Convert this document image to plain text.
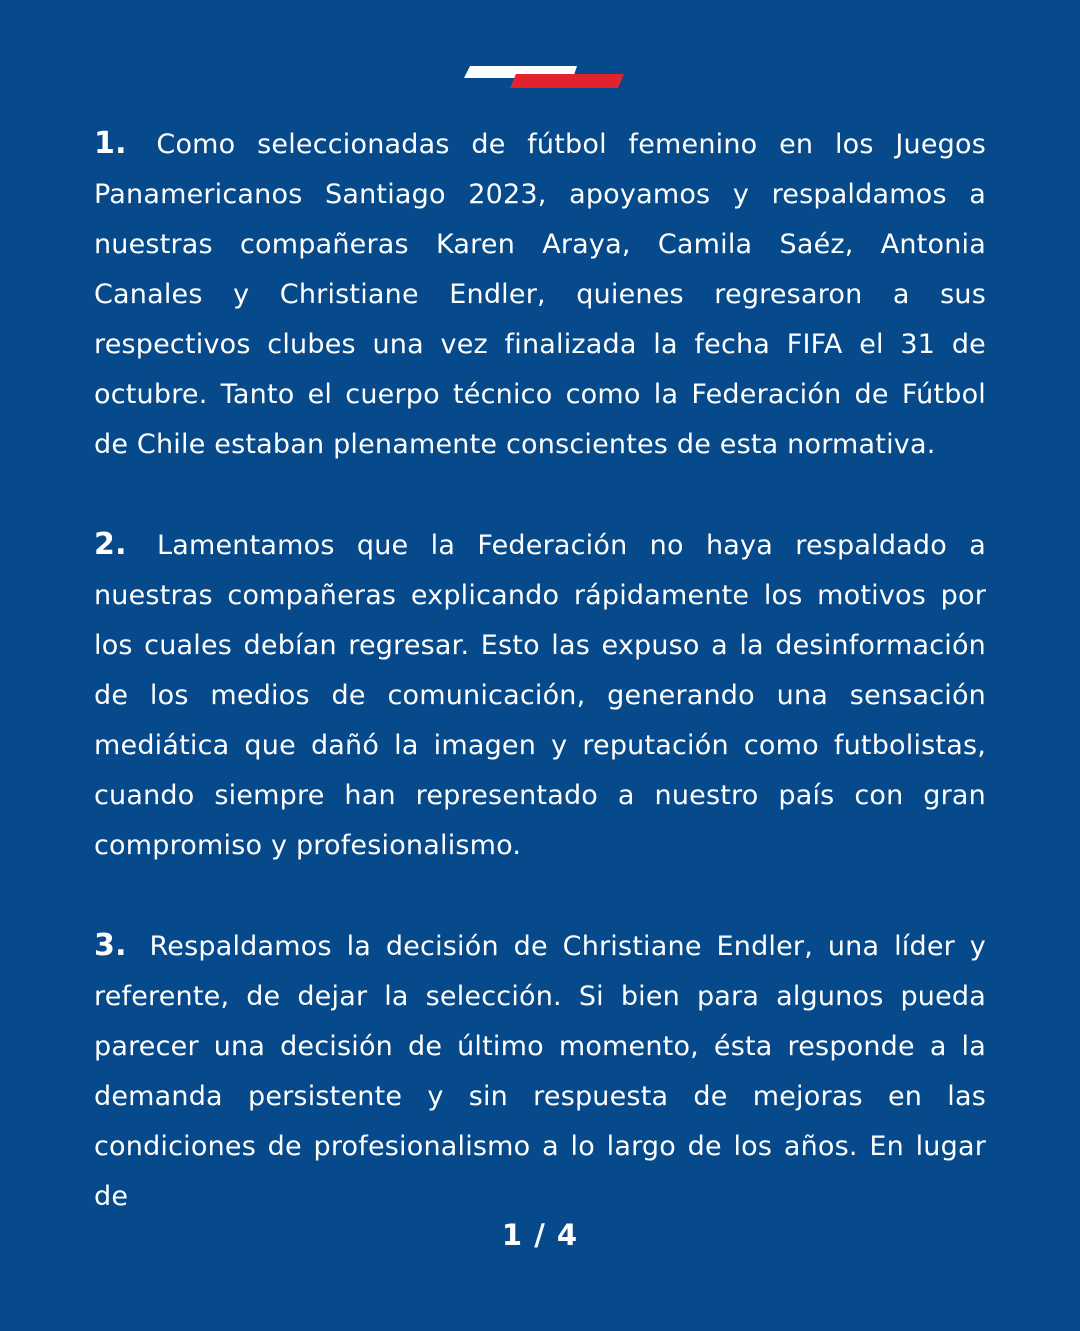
1. Como seleccionadas de fútbol femenino en los Juegos Panamericanos Santiago 2023, apoyamos y respaldamos a nuestras compañeras Karen Araya, Camila Saéz, Antonia Canales y Christiane Endler, quienes regresaron a sus respectivos clubes una vez finalizada la fecha FIFA el 31 de octubre. Tanto el cuerpo técnico como la Federación de Fútbol de Chile estaban plenamente conscientes de esta normativa.

2. Lamentamos que la Federación no haya respaldado a nuestras compañeras explicando rápidamente los motivos por los cuales debían regresar. Esto las expuso a la desinformación de los medios de comunicación, generando una sensación mediática que dañó la imagen y reputación como futbolistas, cuando siempre han representado a nuestro país con gran compromiso y profesionalismo.

3. Respaldamos la decisión de Christiane Endler, una líder y referente, de dejar la selección. Si bien para algunos pueda parecer una decisión de último momento, ésta responde a la demanda persistente y sin respuesta de mejoras en las condiciones de profesionalismo a lo largo de los años. En lugar de

1 / 4
